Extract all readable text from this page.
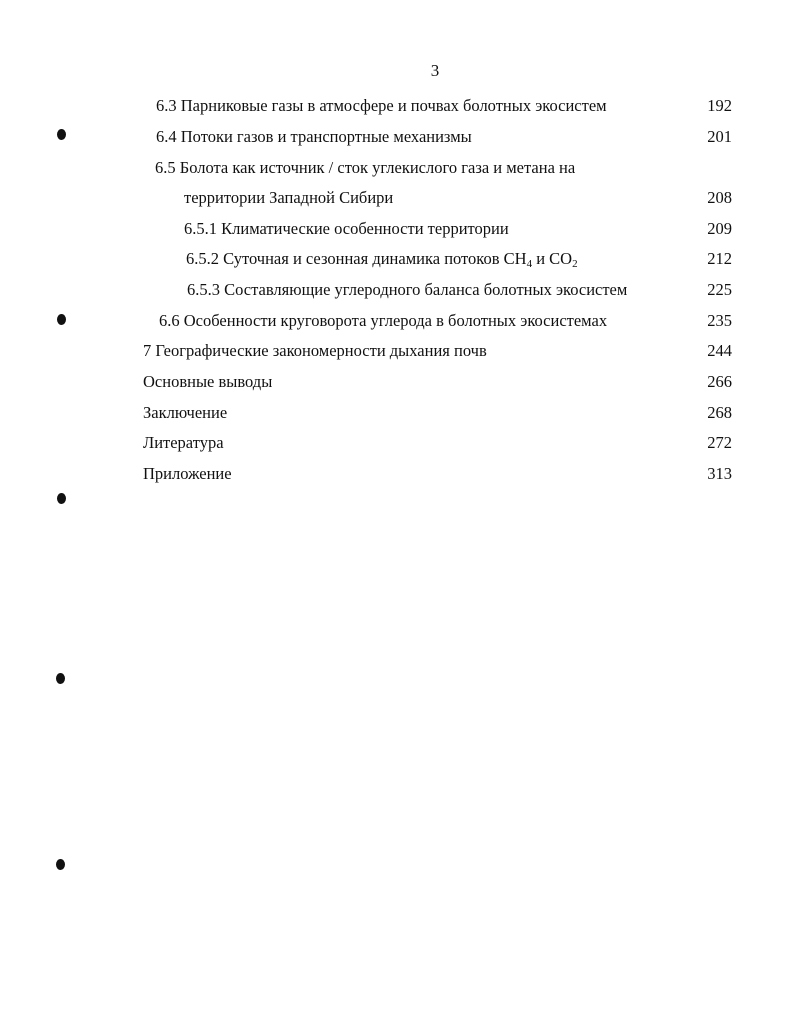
3
6.3 Парниковые газы в атмосфере и почвах болотных экосистем	192
6.4 Потоки газов и транспортные механизмы	201
6.5 Болота как источник / сток углекислого газа и метана на
территории Западной Сибири	208
6.5.1 Климатические особенности территории	209
6.5.2 Суточная и сезонная динамика потоков $CH_4$ и $CO_2$	212
6.5.3 Составляющие углеродного баланса болотных экосистем	225
6.6 Особенности круговорота углерода в болотных экосистемах	235
7 Географические закономерности дыхания почв	244
Основные выводы	266
Заключение	268
Литература	272
Приложение	313
